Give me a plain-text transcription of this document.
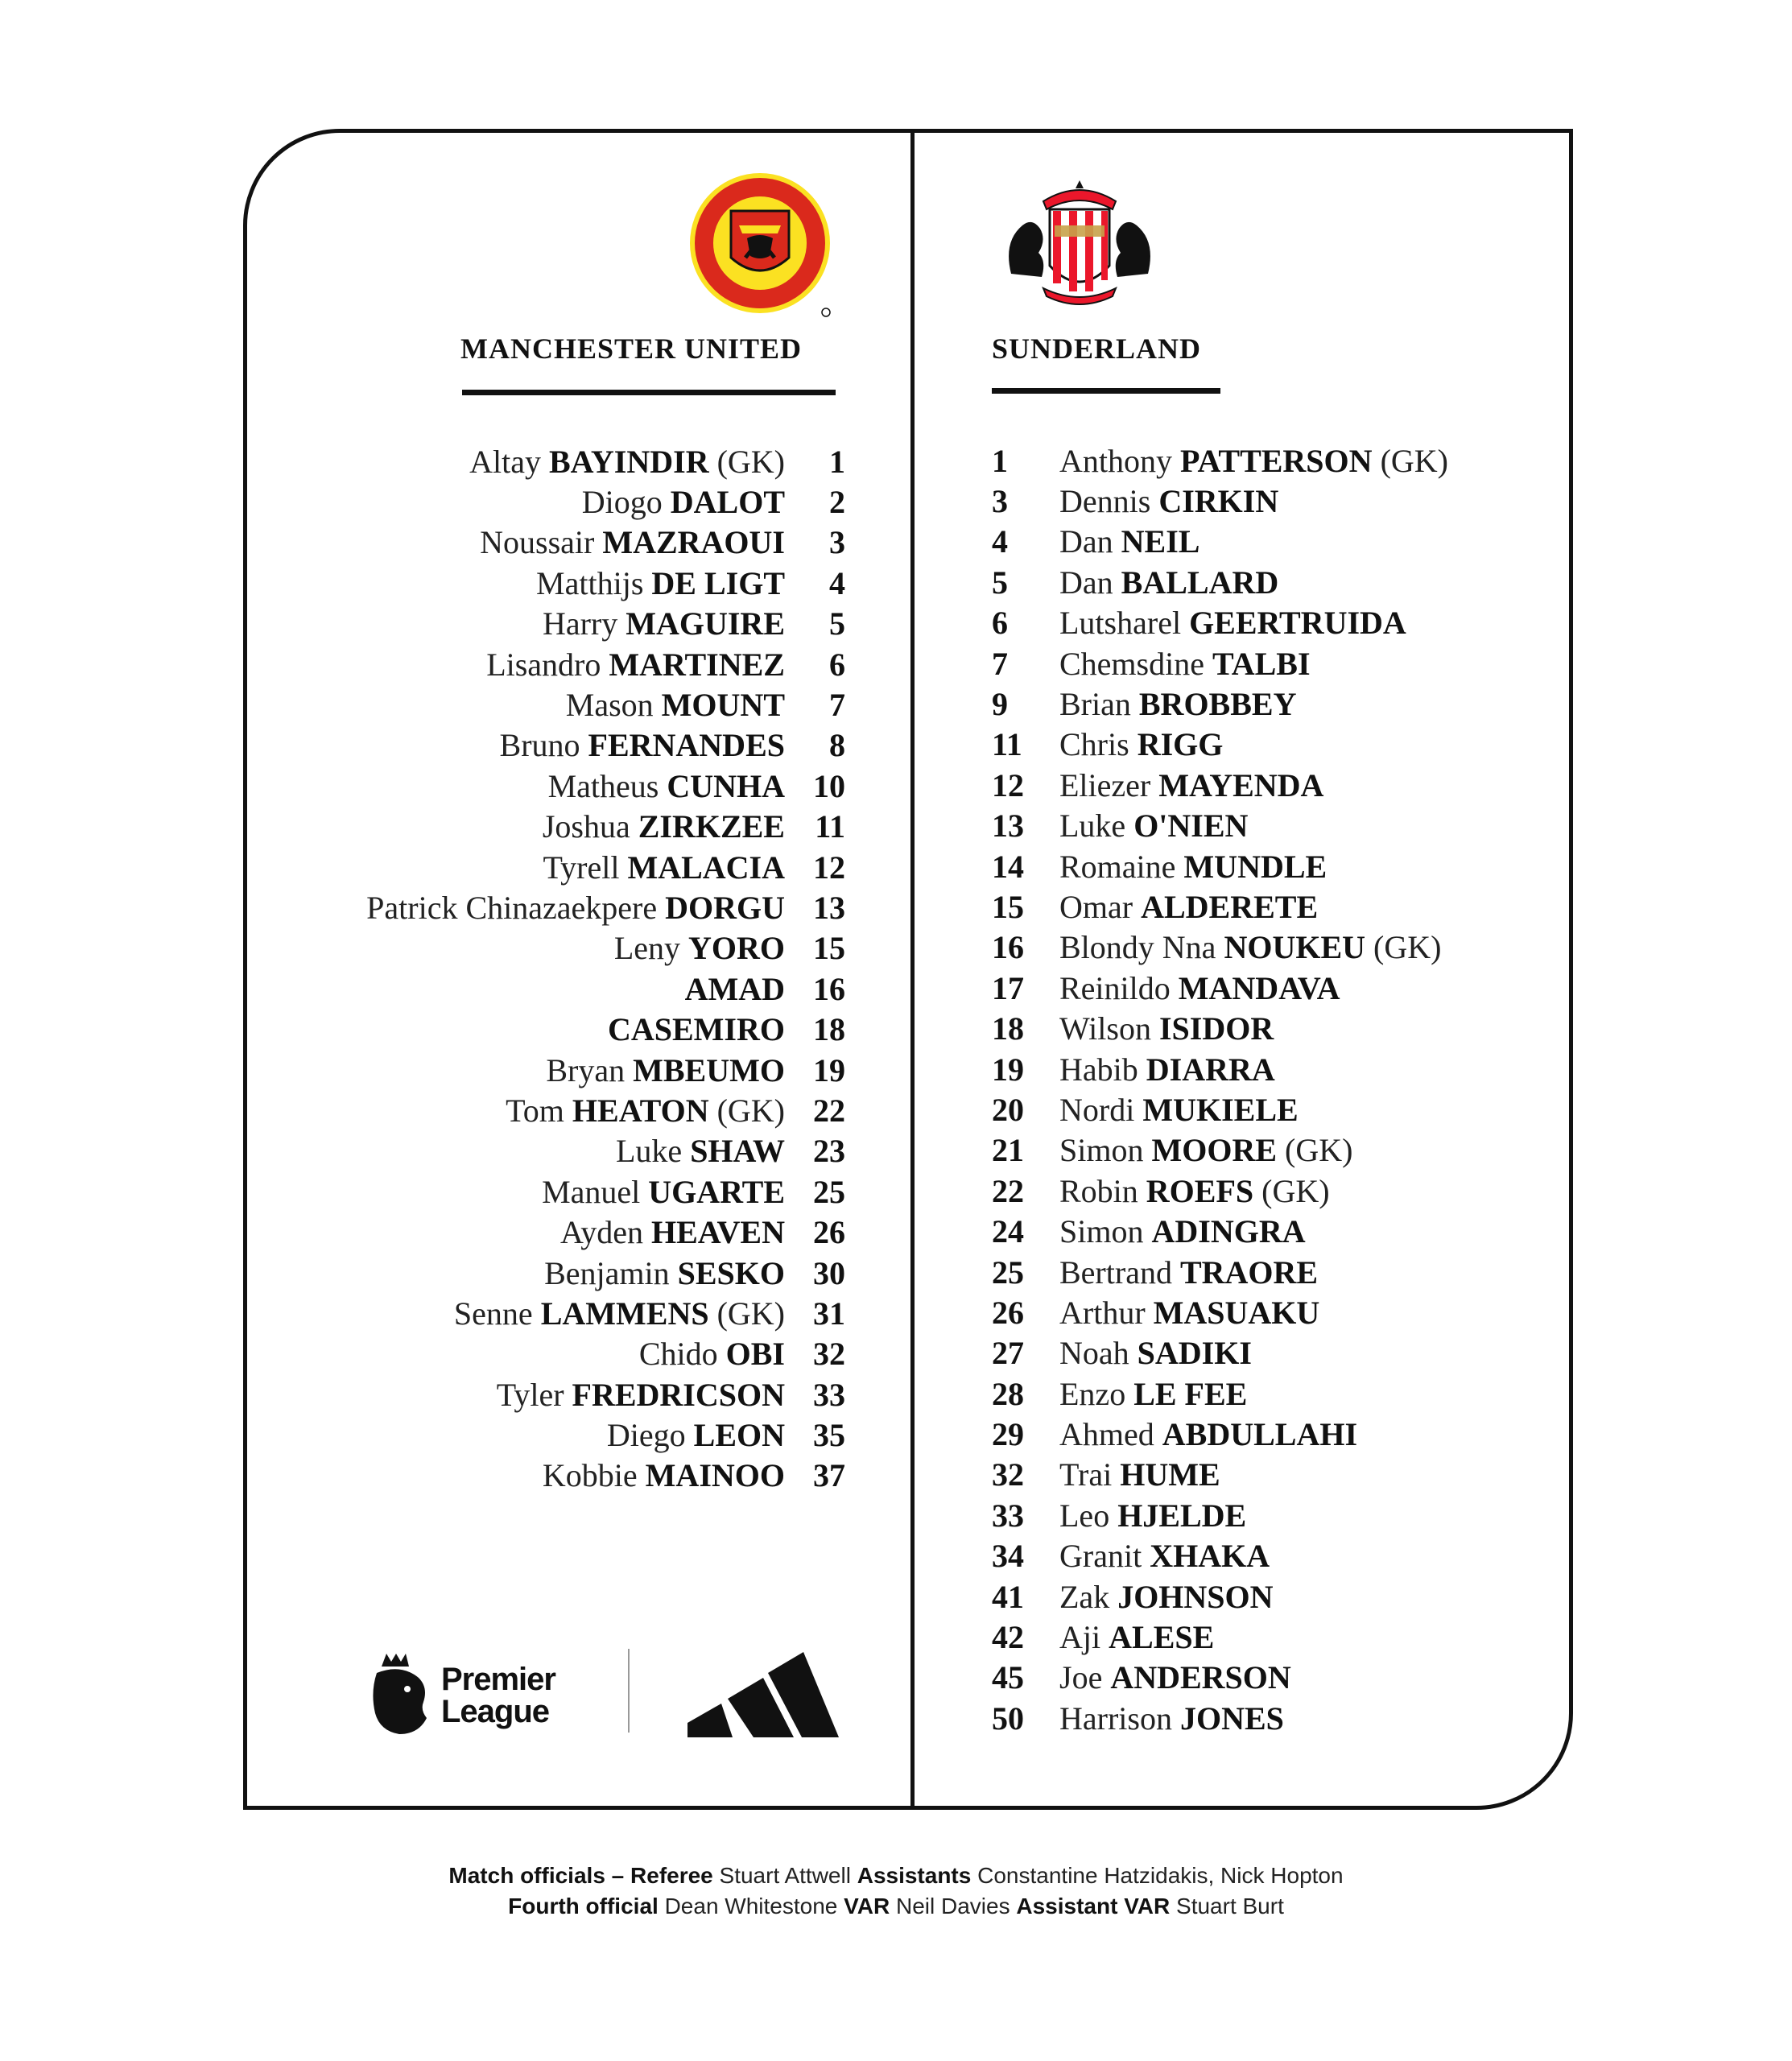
MANCHESTER UNITED	SUNDERLAND
Altay BAYINDIR (GK)	1
Diogo DALOT	2
Noussair MAZRAOUI	3
Matthijs DE LIGT	4
Harry MAGUIRE	5
Lisandro MARTINEZ	6
Mason MOUNT	7
Bruno FERNANDES	8
Matheus CUNHA 10
Joshua ZIRKZEE 11
Tyrell MALACIA 12
Patrick Chinazaekpere DORGU 13
Leny YORO 15
AMAD 16
CASEMIRO 18
Bryan MBEUMO 19
Tom HEATON (GK) 22
Luke SHAW 23
Manuel UGARTE 25
Ayden HEAVEN 26
Benjamin SESKO 30
Senne LAMMENS (GK) 31
Chido OBI 32
Tyler FREDRICSON 33
Diego LEON 35
Kobbie MAINOO 37
1	Anthony PATTERSON (GK)
3	Dennis CIRKIN
4	Dan NEIL
5	Dan BALLARD
6	Lutsharel GEERTRUIDA
7	Chemsdine TALBI
9	Brian BROBBEY
11	Chris RIGG
12	Eliezer MAYENDA
13	Luke O'NIEN
14	Romaine MUNDLE
15	Omar ALDERETE
16	Blondy Nna NOUKEU (GK)
17	Reinildo MANDAVA
18	Wilson ISIDOR
19	Habib DIARRA
20	Nordi MUKIELE
21	Simon MOORE (GK)
22	Robin ROEFS (GK)
24	Simon ADINGRA
25	Bertrand TRAORE
26	Arthur MASUAKU
27	Noah SADIKI
28	Enzo LE FEE
29	Ahmed ABDULLAHI
32	Trai HUME
33	Leo HJELDE
34	Granit XHAKA
41	Zak JOHNSON
42	Aji ALESE
45	Joe ANDERSON
50	Harrison JONES
Premier
League
Match officials – Referee Stuart Attwell Assistants Constantine Hatzidakis, Nick Hopton
Fourth official Dean Whitestone VAR Neil Davies Assistant VAR Stuart Burt
